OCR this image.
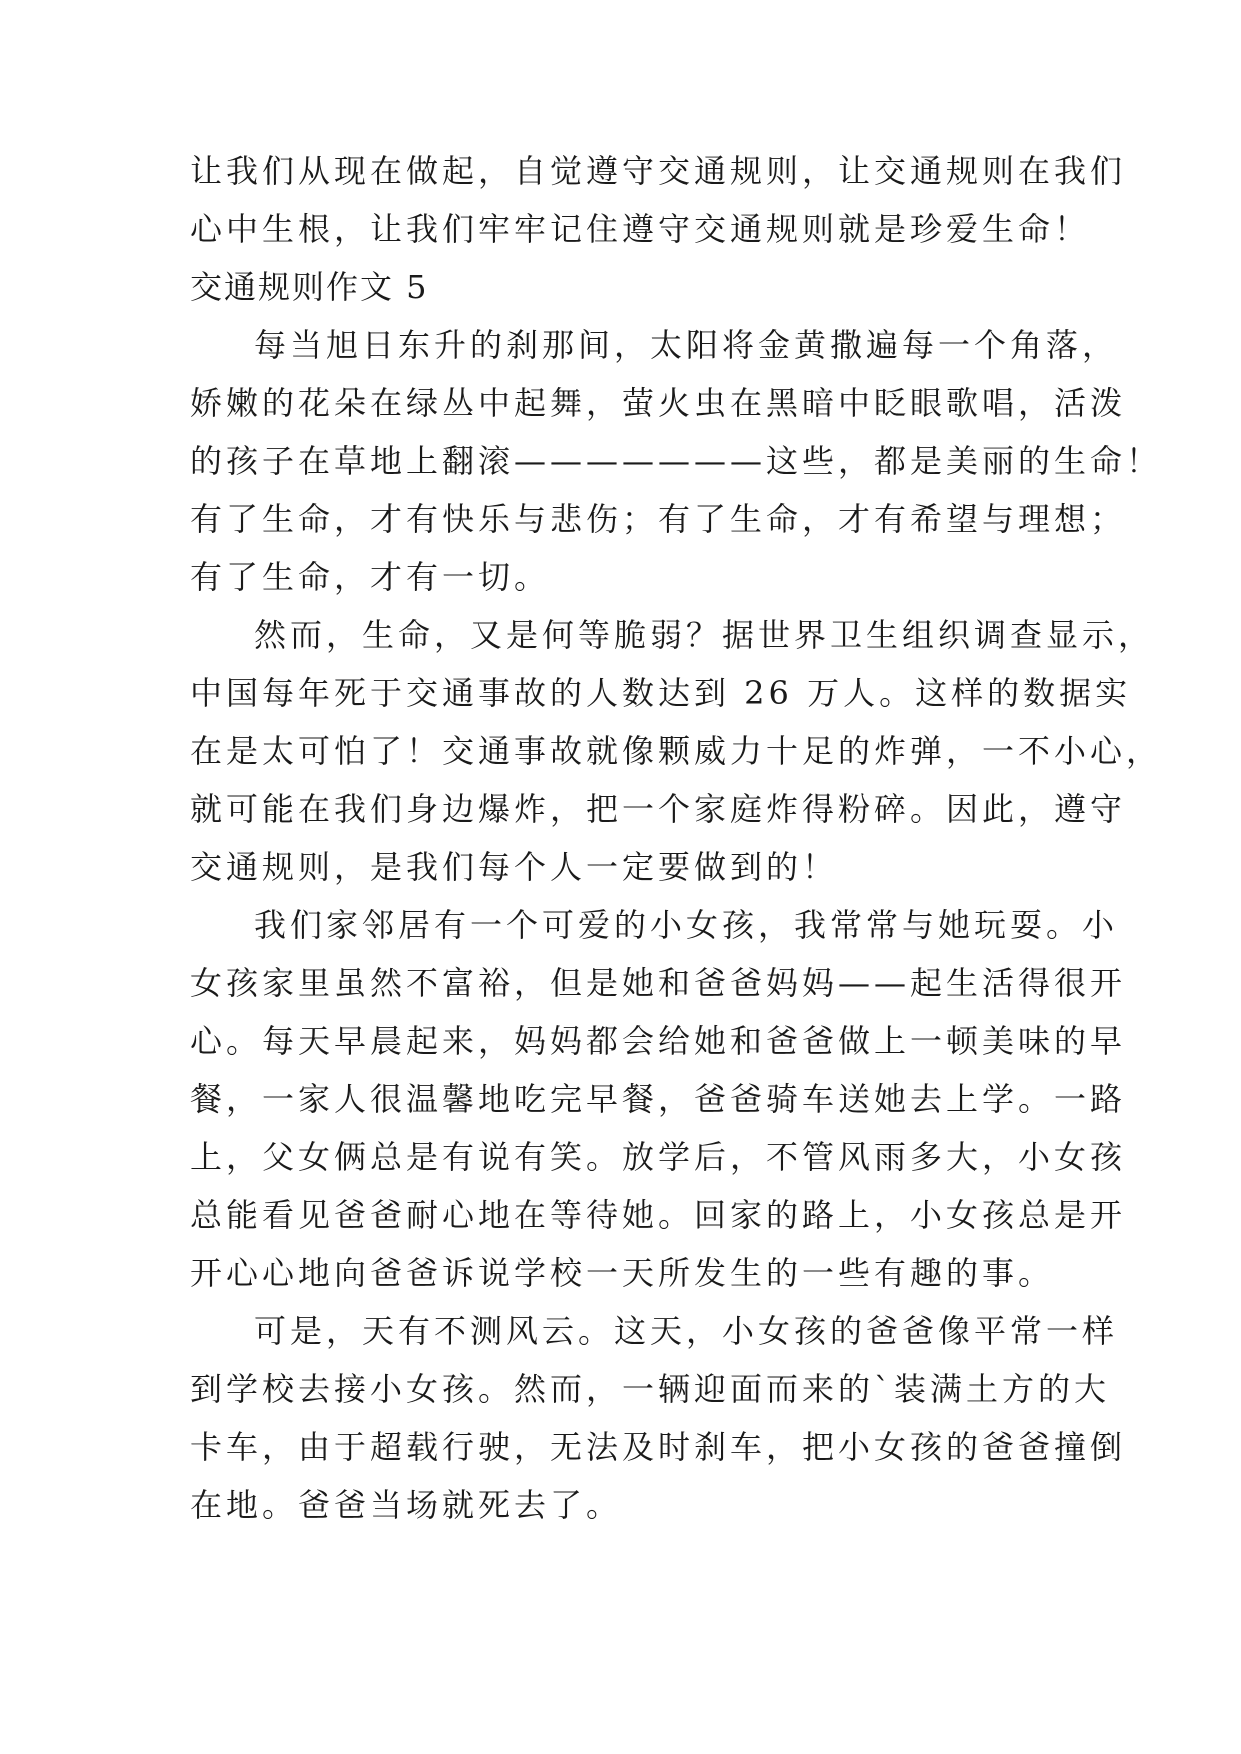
让我们从现在做起，自觉遵守交通规则，让交通规则在我们
心中生根，让我们牢牢记住遵守交通规则就是珍爱生命！
交通规则作文 5
每当旭日东升的刹那间，太阳将金黄撒遍每一个角落，
娇嫩的花朵在绿丛中起舞，萤火虫在黑暗中眨眼歌唱，活泼
的孩子在草地上翻滚———————这些，都是美丽的生命！
有了生命，才有快乐与悲伤；有了生命，才有希望与理想；
有了生命，才有一切。
然而，生命，又是何等脆弱？据世界卫生组织调查显示，
中国每年死于交通事故的人数达到 26 万人。这样的数据实
在是太可怕了！交通事故就像颗威力十足的炸弹，一不小心，
就可能在我们身边爆炸，把一个家庭炸得粉碎。因此，遵守
交通规则，是我们每个人一定要做到的！
我们家邻居有一个可爱的小女孩，我常常与她玩耍。小
女孩家里虽然不富裕，但是她和爸爸妈妈——起生活得很开
心。每天早晨起来，妈妈都会给她和爸爸做上一顿美味的早
餐，一家人很温馨地吃完早餐，爸爸骑车送她去上学。一路
上，父女俩总是有说有笑。放学后，不管风雨多大，小女孩
总能看见爸爸耐心地在等待她。回家的路上，小女孩总是开
开心心地向爸爸诉说学校一天所发生的一些有趣的事。
可是，天有不测风云。这天，小女孩的爸爸像平常一样
到学校去接小女孩。然而，一辆迎面而来的`装满土方的大
卡车，由于超载行驶，无法及时刹车，把小女孩的爸爸撞倒
在地。爸爸当场就死去了。
